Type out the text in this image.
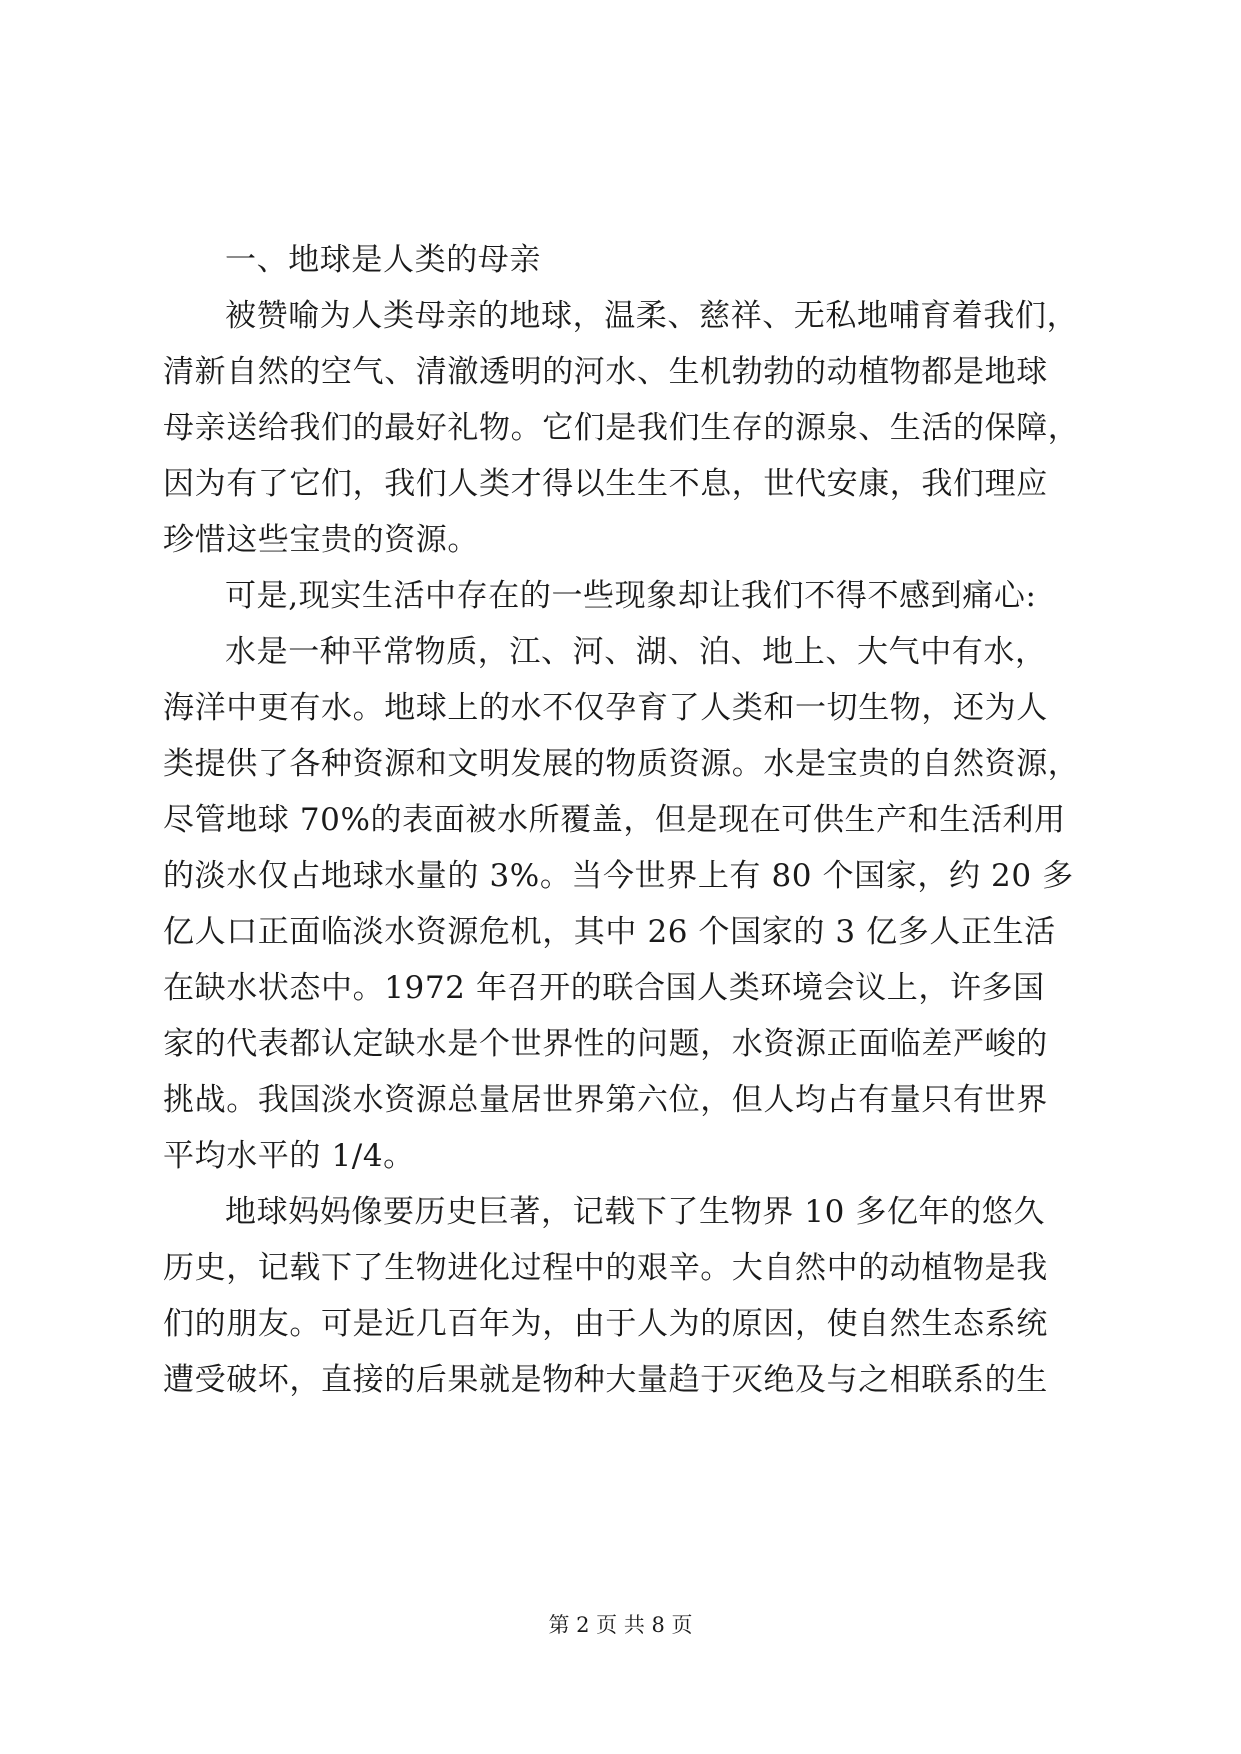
一、地球是人类的母亲
被赞喻为人类母亲的地球，温柔、慈祥、无私地哺育着我们，
清新自然的空气、清澈透明的河水、生机勃勃的动植物都是地球
母亲送给我们的最好礼物。它们是我们生存的源泉、生活的保障，
因为有了它们，我们人类才得以生生不息，世代安康，我们理应
珍惜这些宝贵的资源。
可是,现实生活中存在的一些现象却让我们不得不感到痛心:
水是一种平常物质，江、河、湖、泊、地上、大气中有水，
海洋中更有水。地球上的水不仅孕育了人类和一切生物，还为人
类提供了各种资源和文明发展的物质资源。水是宝贵的自然资源，
尽管地球 70%的表面被水所覆盖，但是现在可供生产和生活利用
的淡水仅占地球水量的 3%。当今世界上有 80 个国家，约 20 多
亿人口正面临淡水资源危机，其中 26 个国家的 3 亿多人正生活
在缺水状态中。1972 年召开的联合国人类环境会议上，许多国
家的代表都认定缺水是个世界性的问题，水资源正面临差严峻的
挑战。我国淡水资源总量居世界第六位，但人均占有量只有世界
平均水平的 1/4。
地球妈妈像要历史巨著，记载下了生物界 10 多亿年的悠久
历史，记载下了生物进化过程中的艰辛。大自然中的动植物是我
们的朋友。可是近几百年为，由于人为的原因，使自然生态系统
遭受破坏，直接的后果就是物种大量趋于灭绝及与之相联系的生
第 2 页 共 8 页
